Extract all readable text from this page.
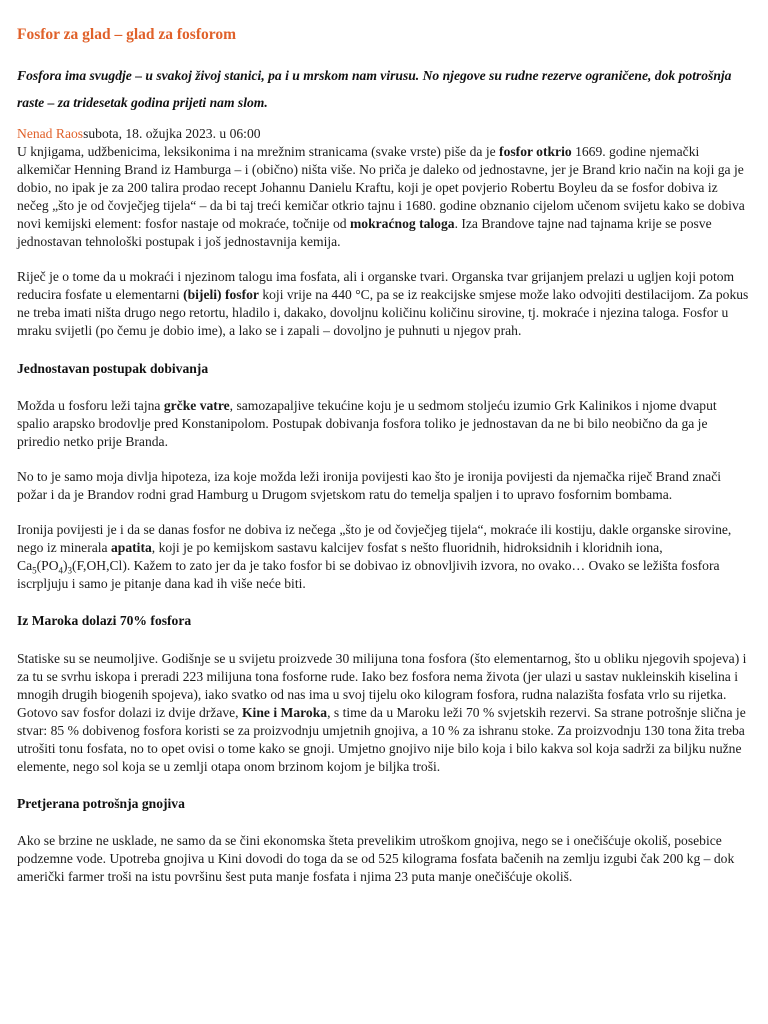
Fosfor za glad – glad za fosforom
Fosfora ima svugdje – u svakoj živoj stanici, pa i u mrskom nam virusu. No njegove su rudne rezerve ograničene, dok potrošnja raste – za tridesetak godina prijeti nam slom.
Nenad Raossubota, 18. ožujka 2023. u 06:00

U knjigama, udžbenicima, leksikonima i na mrežnim stranicama (svake vrste) piše da je fosfor otkrio 1669. godine njemački alkemičar Henning Brand iz Hamburga – i (obično) ništa više. No priča je daleko od jednostavne, jer je Brand krio način na koji ga je dobio, no ipak je za 200 talira prodao recept Johannu Danielu Kraftu, koji je opet povjerio Robertu Boyleu da se fosfor dobiva iz nečeg „što je od čovječjeg tijela“ – da bi taj treći kemičar otkrio tajnu i 1680. godine obznanio cijelom učenom svijetu kako se dobiva novi kemijski element: fosfor nastaje od mokraće, točnije od mokraćnog taloga. Iza Brandove tajne nad tajnama krije se posve jednostavan tehnološki postupak i još jednostavnija kemija.

Riječ je o tome da u mokraći i njezinom talogu ima fosfata, ali i organske tvari. Organska tvar grijanjem prelazi u ugljen koji potom reducira fosfate u elementarni (bijeli) fosfor koji vrije na 440 °C, pa se iz reakcijske smjese može lako odvojiti destilacijom. Za pokus ne treba imati ništa drugo nego retortu, hladilo i, dakako, dovoljnu količinu količinu sirovine, tj. mokraće i njezina taloga. Fosfor u mraku svijetli (po čemu je dobio ime), a lako se i zapali – dovoljno je puhnuti u njegov prah.

Jednostavan postupak dobivanja

Možda u fosforu leži tajna grčke vatre, samozapaljive tekućine koju je u sedmom stoljeću izumio Grk Kalinikos i njome dvaput spalio arapsko brodovlje pred Konstanipolom. Postupak dobivanja fosfora toliko je jednostavan da ne bi bilo neobično da ga je priredio netko prije Branda.

No to je samo moja divlja hipoteza, iza koje možda leži ironija povijesti kao što je ironija povijesti da njemačka riječ Brand znači požar i da je Brandov rodni grad Hamburg u Drugom svjetskom ratu do temelja spaljen i to upravo fosfornim bombama.

Ironija povijesti je i da se danas fosfor ne dobiva iz nečega „što je od čovječjeg tijela“, mokraće ili kostiju, dakle organske sirovine, nego iz minerala apatita, koji je po kemijskom sastavu kalcijev fosfat s nešto fluoridnih, hidroksidnih i kloridnih iona, $Ca_5(PO_4)_3(F,OH,Cl)$. Kažem to zato jer da je tako fosfor bi se dobivao iz obnovljivih izvora, no ovako… Ovako se ležišta fosfora iscrpljuju i samo je pitanje dana kad ih više neće biti.

Iz Maroka dolazi 70% fosfora

Statiske su se neumoljive. Godišnje se u svijetu proizvede 30 milijuna tona fosfora (što elementarnog, što u obliku njegovih spojeva) i za tu se svrhu iskopa i preradi 223 milijuna tona fosforne rude. Iako bez fosfora nema života (jer ulazi u sastav nukleinskih kiselina i mnogih drugih biogenih spojeva), iako svatko od nas ima u svoj tijelu oko kilogram fosfora, rudna nalazišta fosfata vrlo su rijetka. Gotovo sav fosfor dolazi iz dvije države, Kine i Maroka, s time da u Maroku leži 70 % svjetskih rezervi. Sa strane potrošnje slična je stvar: 85 % dobivenog fosfora koristi se za proizvodnju umjetnih gnojiva, a 10 % za ishranu stoke. Za proizvodnju 130 tona žita treba utrošiti tonu fosfata, no to opet ovisi o tome kako se gnoji. Umjetno gnojivo nije bilo koja i bilo kakva sol koja sadrži za biljku nužne elemente, nego sol koja se u zemlji otapa onom brzinom kojom je biljka troši.

Pretjerana potrošnja gnojiva

Ako se brzine ne usklade, ne samo da se čini ekonomska šteta prevelikim utroškom gnojiva, nego se i onečišćuje okoliš, posebice podzemne vode. Upotreba gnojiva u Kini dovodi do toga da se od 525 kilograma fosfata bačenih na zemlju izgubi čak 200 kg – dok američki farmer troši na istu površinu šest puta manje fosfata i njima 23 puta manje onečišćuje okoliš.
